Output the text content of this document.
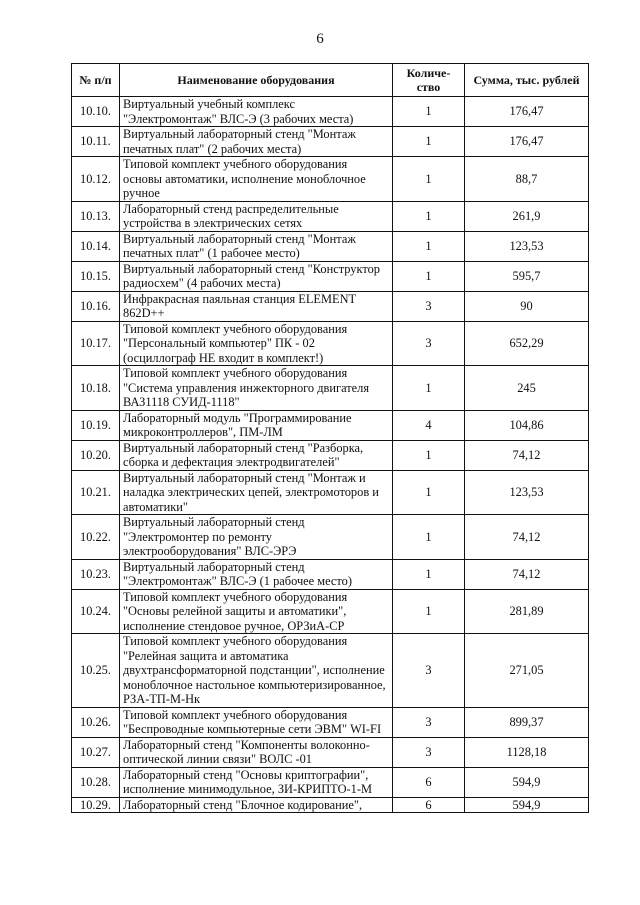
6
№ п/п	Наименование оборудования	Количе-ство	Сумма, тыс. рублей
10.10.	Виртуальный учебный комплекс "Электромонтаж" ВЛС-Э (3 рабочих места)	1	176,47
10.11.	Виртуальный лабораторный стенд "Монтаж печатных плат" (2 рабочих места)	1	176,47
10.12.	Типовой комплект учебного оборудования основы автоматики, исполнение моноблочное ручное	1	88,7
10.13.	Лабораторный стенд распределительные устройства в электрических сетях	1	261,9
10.14.	Виртуальный лабораторный стенд "Монтаж печатных плат" (1 рабочее место)	1	123,53
10.15.	Виртуальный лабораторный стенд "Конструктор радиосхем" (4 рабочих места)	1	595,7
10.16.	Инфракрасная паяльная станция ELEMENT 862D++	3	90
10.17.	Типовой комплект учебного оборудования "Персональный компьютер" ПК - 02 (осциллограф НЕ входит в комплект!)	3	652,29
10.18.	Типовой комплект учебного оборудования "Система управления инжекторного двигателя ВАЗ1118 СУИД-1118"	1	245
10.19.	Лабораторный модуль "Программирование микроконтроллеров", ПМ-ЛМ	4	104,86
10.20.	Виртуальный лабораторный стенд "Разборка, сборка и дефектация электродвигателей"	1	74,12
10.21.	Виртуальный лабораторный стенд "Монтаж и наладка электрических цепей, электромоторов и автоматики"	1	123,53
10.22.	Виртуальный лабораторный стенд "Электромонтер по ремонту электрооборудования" ВЛС-ЭРЭ	1	74,12
10.23.	Виртуальный лабораторный стенд "Электромонтаж" ВЛС-Э (1 рабочее место)	1	74,12
10.24.	Типовой комплект учебного оборудования "Основы релейной защиты и автоматики", исполнение стендовое ручное, ОРЗиА-СР	1	281,89
10.25.	Типовой комплект учебного оборудования "Релейная защита и автоматика двухтрансформаторной подстанции", исполнение моноблочное настольное компьютеризированное, РЗА-ТП-М-Нк	3	271,05
10.26.	Типовой комплект учебного оборудования "Беспроводные компьютерные сети ЭВМ" WI-FI	3	899,37
10.27.	Лабораторный стенд "Компоненты волоконно-оптической линии связи" ВОЛС -01	3	1128,18
10.28.	Лабораторный стенд "Основы криптографии", исполнение минимодульное, ЗИ-КРИПТО-1-М	6	594,9
10.29.	Лабораторный стенд "Блочное кодирование",	6	594,9
